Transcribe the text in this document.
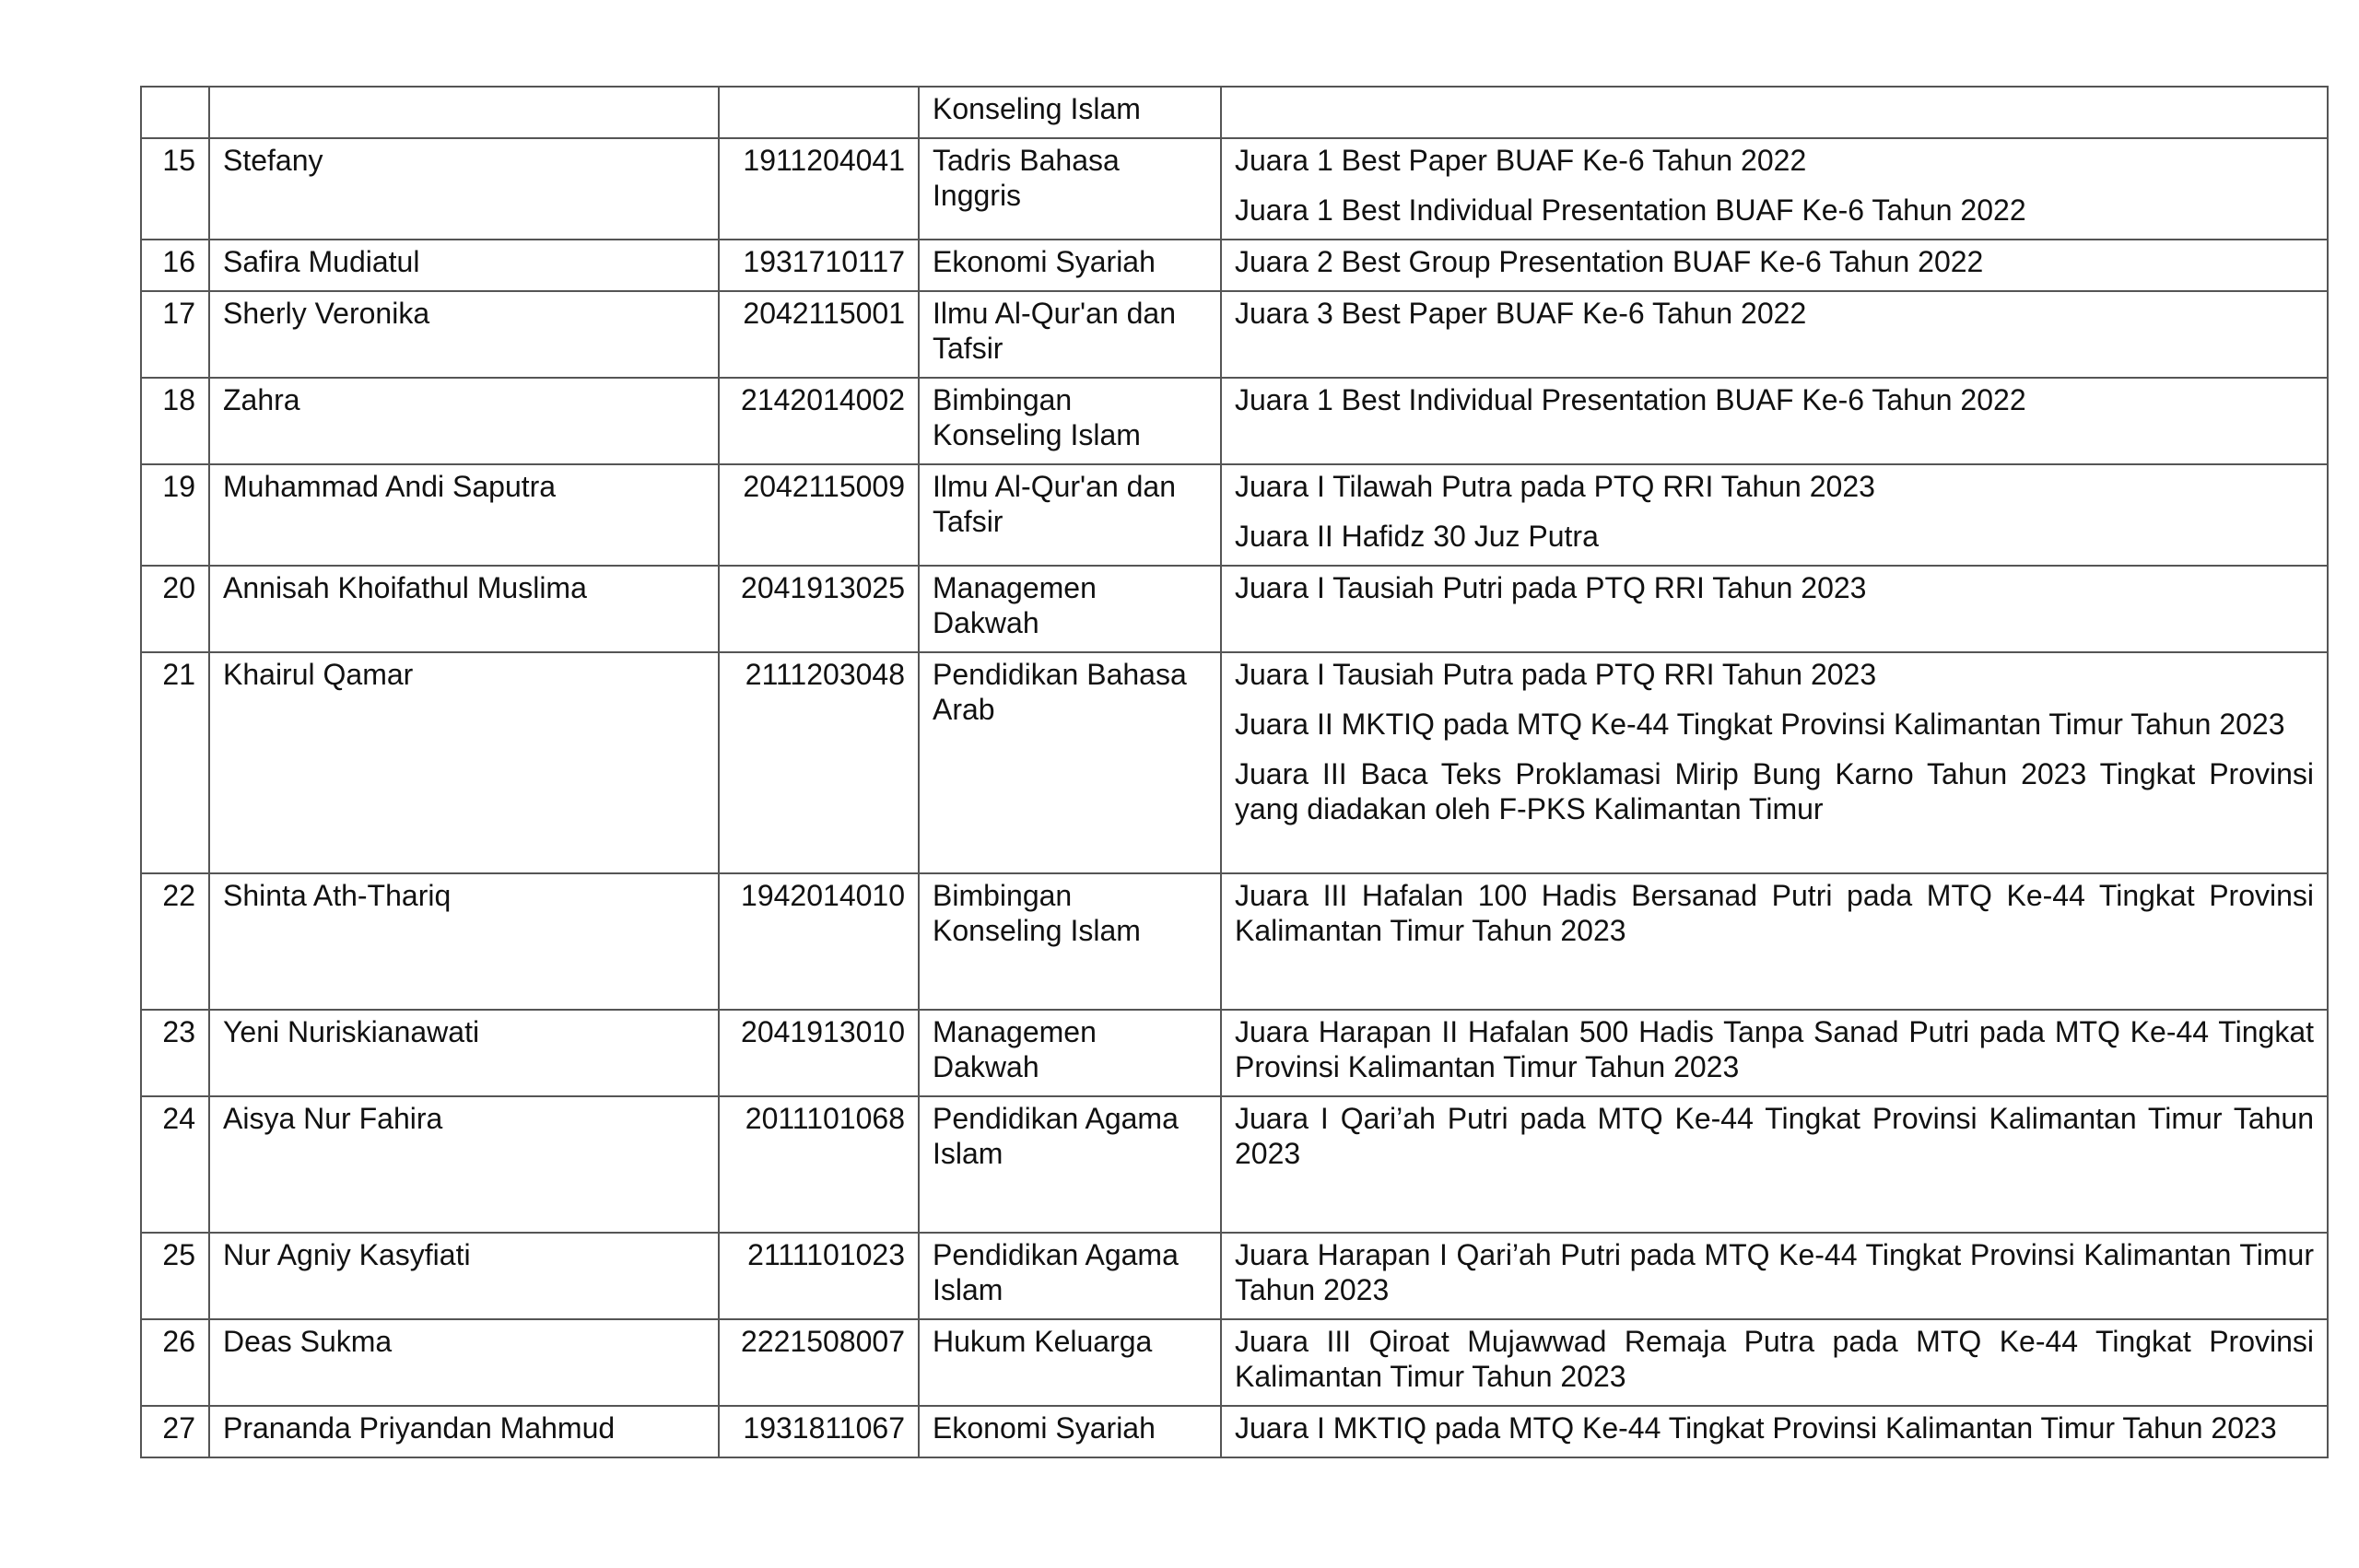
			Konseling Islam	
15	Stefany	1911204041	Tadris Bahasa Inggris	Juara 1 Best Paper BUAF Ke-6 Tahun 2022
Juara 1 Best Individual Presentation BUAF Ke-6 Tahun 2022

16	Safira Mudiatul	1931710117	Ekonomi Syariah	Juara 2 Best Group Presentation BUAF Ke-6 Tahun 2022

17	Sherly Veronika	2042115001	Ilmu Al-Qur'an dan Tafsir	Juara 3 Best Paper BUAF Ke-6 Tahun 2022

18	Zahra	2142014002	Bimbingan Konseling Islam	Juara 1 Best Individual Presentation BUAF Ke-6 Tahun 2022

19	Muhammad Andi Saputra	2042115009	Ilmu Al-Qur'an dan Tafsir	Juara I Tilawah Putra pada PTQ RRI Tahun 2023
Juara II Hafidz 30 Juz Putra

20	Annisah Khoifathul Muslima	2041913025	Managemen Dakwah	Juara I Tausiah Putri pada PTQ RRI Tahun 2023

21	Khairul Qamar	2111203048	Pendidikan Bahasa Arab	Juara I Tausiah Putra pada PTQ RRI Tahun 2023
Juara II MKTIQ pada MTQ Ke-44 Tingkat Provinsi Kalimantan Timur Tahun 2023
Juara III Baca Teks Proklamasi Mirip Bung Karno Tahun 2023 Tingkat Provinsi yang diadakan oleh F-PKS Kalimantan Timur

22	Shinta Ath-Thariq	1942014010	Bimbingan Konseling Islam	Juara III Hafalan 100 Hadis Bersanad Putri pada MTQ Ke-44 Tingkat Provinsi Kalimantan Timur Tahun 2023

23	Yeni Nuriskianawati	2041913010	Managemen Dakwah	Juara Harapan II Hafalan 500 Hadis Tanpa Sanad Putri pada MTQ Ke-44 Tingkat Provinsi Kalimantan Timur Tahun 2023

24	Aisya Nur Fahira	2011101068	Pendidikan Agama Islam	Juara I Qari’ah Putri pada MTQ Ke-44 Tingkat Provinsi Kalimantan Timur Tahun 2023

25	Nur Agniy Kasyfiati	2111101023	Pendidikan Agama Islam	Juara Harapan I Qari’ah Putri pada MTQ Ke-44 Tingkat Provinsi Kalimantan Timur Tahun 2023

26	Deas Sukma	2221508007	Hukum Keluarga	Juara III Qiroat Mujawwad Remaja Putra pada MTQ Ke-44 Tingkat Provinsi Kalimantan Timur Tahun 2023

27	Prananda Priyandan Mahmud	1931811067	Ekonomi Syariah	Juara I MKTIQ pada MTQ Ke-44 Tingkat Provinsi Kalimantan Timur Tahun 2023
